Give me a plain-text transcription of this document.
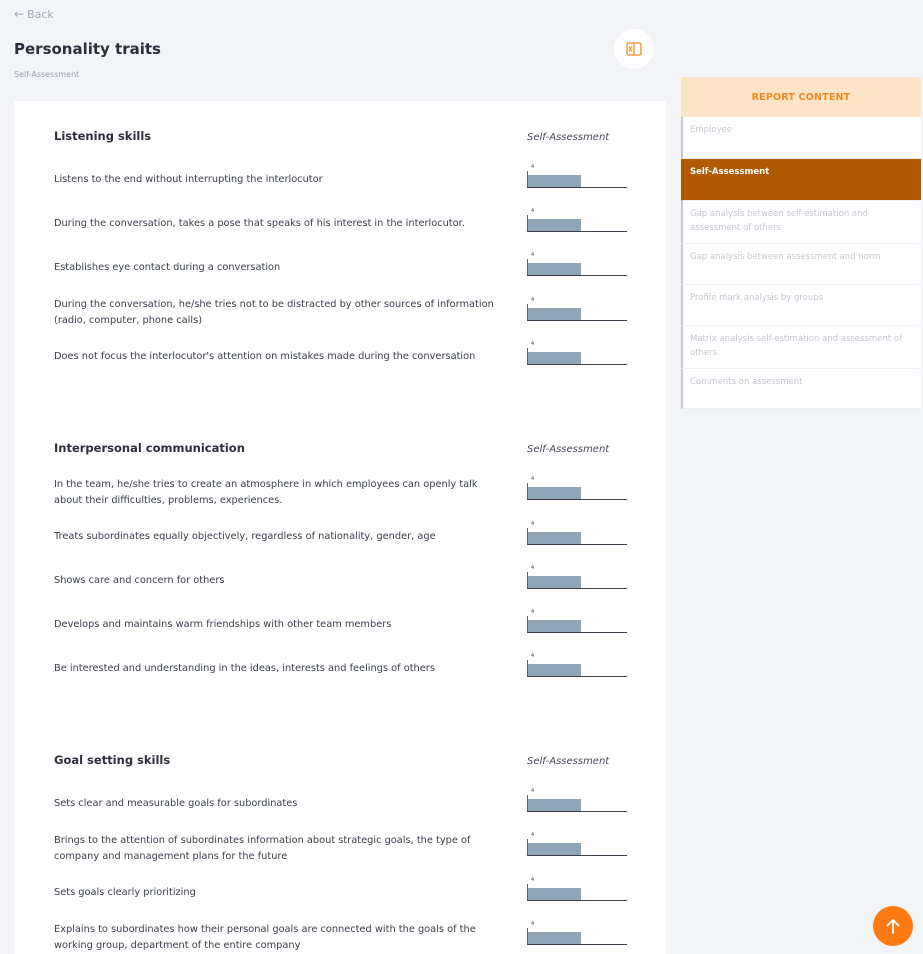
← Back
Personality traits
Self-Assessment
Listening skills	Self-Assessment
Listens to the end without interrupting the interlocutor
4
During the conversation, takes a pose that speaks of his interest in the interlocutor.
4
Establishes eye contact during a conversation
4
During the conversation, he/she tries not to be distracted by other sources of information (radio, computer, phone calls)
4
Does not focus the interlocutor's attention on mistakes made during the conversation
4
Interpersonal communication	Self-Assessment
In the team, he/she tries to create an atmosphere in which employees can openly talk about their difficulties, problems, experiences.
4
Treats subordinates equally objectively, regardless of nationality, gender, age
4
Shows care and concern for others
4
Develops and maintains warm friendships with other team members
4
Be interested and understanding in the ideas, interests and feelings of others
4
Goal setting skills	Self-Assessment
Sets clear and measurable goals for subordinates
4
Brings to the attention of subordinates information about strategic goals, the type of company and management plans for the future
4
Sets goals clearly prioritizing
4
Explains to subordinates how their personal goals are connected with the goals of the working group, department of the entire company
4
REPORT CONTENT
Employee
Self-Assessment
Gap analysis between self-estimation and assessment of others
Gap analysis between assessment and norm
Profile mark analysis by groups
Matrix analysis self-estimation and assessment of others
Comments on assessment
